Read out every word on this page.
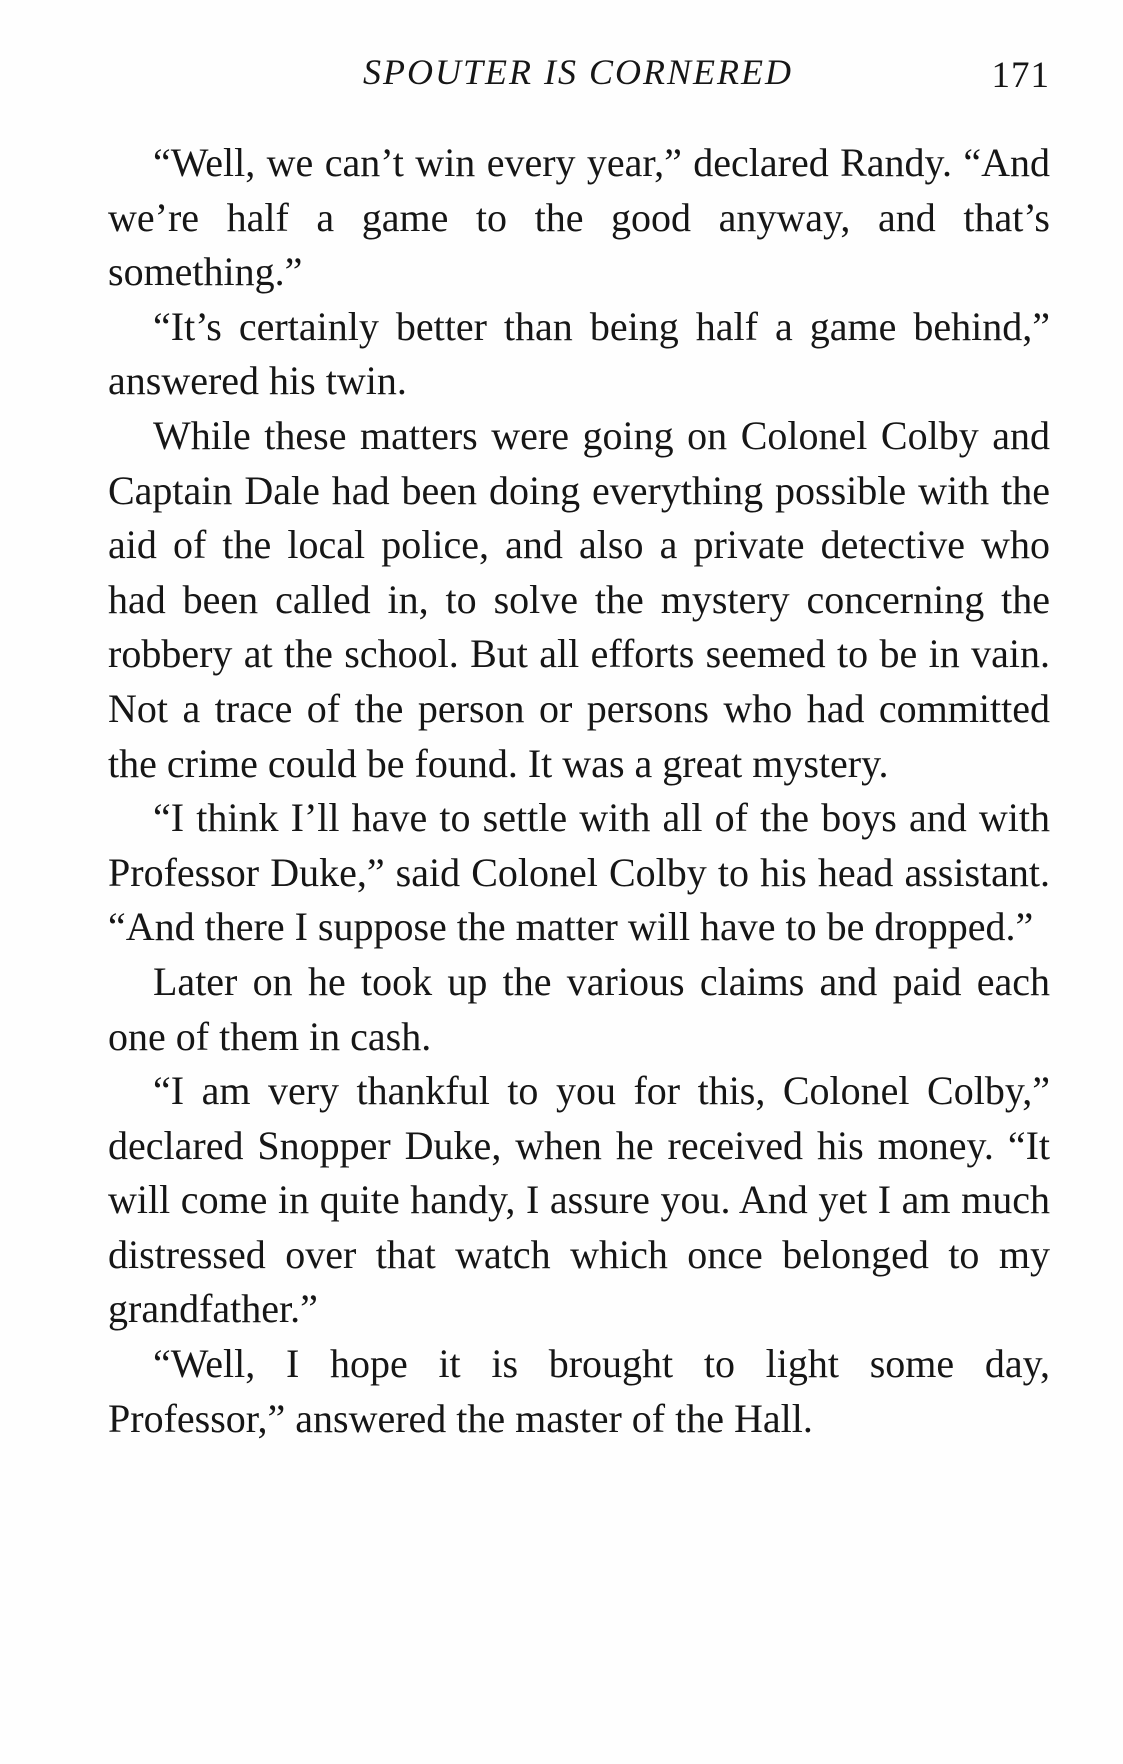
SPOUTER IS CORNERED	171

“Well, we can’t win every year,” declared Randy. “And we’re half a game to the good anyway, and that’s something.”

“It’s certainly better than being half a game behind,” answered his twin.

While these matters were going on Colonel Colby and Captain Dale had been doing everything possible with the aid of the local police, and also a private detective who had been called in, to solve the mystery concerning the robbery at the school. But all efforts seemed to be in vain. Not a trace of the person or persons who had committed the crime could be found. It was a great mystery.

“I think I’ll have to settle with all of the boys and with Professor Duke,” said Colonel Colby to his head assistant. “And there I suppose the matter will have to be dropped.”

Later on he took up the various claims and paid each one of them in cash.

“I am very thankful to you for this, Colonel Colby,” declared Snopper Duke, when he received his money. “It will come in quite handy, I assure you. And yet I am much distressed over that watch which once belonged to my grandfather.”

“Well, I hope it is brought to light some day, Professor,” answered the master of the Hall.
